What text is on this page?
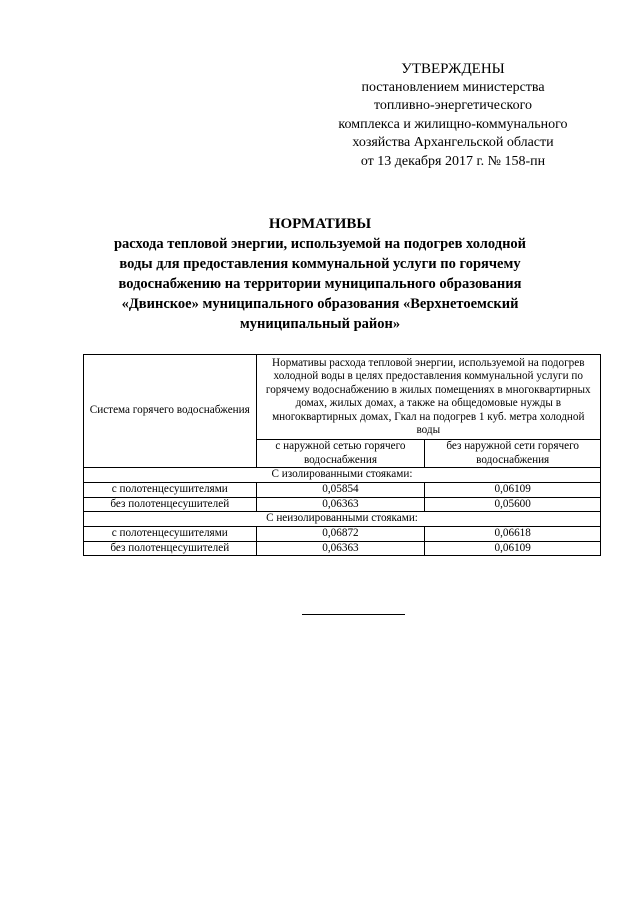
УТВЕРЖДЕНЫ
постановлением министерства
топливно-энергетического
комплекса и жилищно-коммунального
хозяйства Архангельской области
от 13 декабря 2017 г. № 158-пн
НОРМАТИВЫ
расхода тепловой энергии, используемой на подогрев холодной
воды для предоставления коммунальной услуги по горячему
водоснабжению на территории муниципального образования
«Двинское» муниципального образования «Верхнетоемский
муниципальный район»
Система горячего водоснабжения	Нормативы расхода тепловой энергии, используемой на подогрев холодной воды в целях предоставления коммунальной услуги по горячему водоснабжению в жилых помещениях в многоквартирных домах, жилых домах, а также на общедомовые нужды в многоквартирных домах, Гкал на подогрев 1 куб. метра холодной воды	
	с наружной сетью горячего водоснабжения	без наружной сети горячего водоснабжения
С изолированными стояками:		
с полотенцесушителями	0,05854	0,06109
без полотенцесушителей	0,06363	0,05600
С неизолированными стояками:		
с полотенцесушителями	0,06872	0,06618
без полотенцесушителей	0,06363	0,06109
